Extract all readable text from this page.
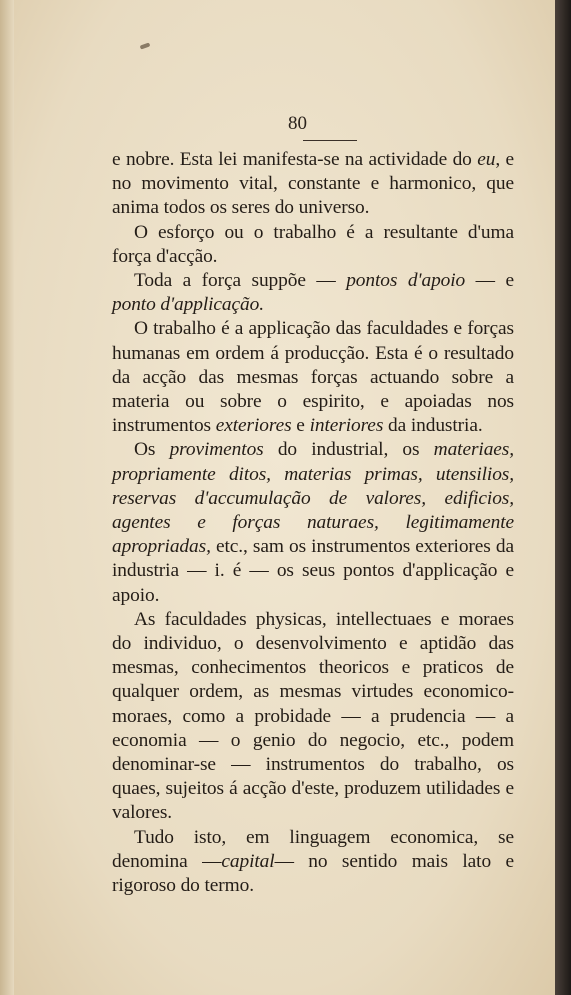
80

e nobre. Esta lei manifesta-se na actividade do eu, e no movimento vital, constante e harmonico, que anima todos os seres do universo.

O esforço ou o trabalho é a resultante d'uma força d'acção.

Toda a força suppõe — pontos d'apoio — e ponto d'applicação.

O trabalho é a applicação das faculdades e forças humanas em ordem á producção. Esta é o resultado da acção das mesmas forças actuando sobre a materia ou sobre o espirito, e apoiadas nos instrumentos exteriores e interiores da industria.

Os provimentos do industrial, os materiaes, propriamente ditos, materias primas, utensilios, reservas d'accumulação de valores, edificios, agentes e forças naturaes, legitimamente apropriadas, etc., sam os instrumentos exteriores da industria — i. é — os seus pontos d'applicação e apoio.

As faculdades physicas, intellectuaes e moraes do individuo, o desenvolvimento e aptidão das mesmas, conhecimentos theoricos e praticos de qualquer ordem, as mesmas virtudes economico-moraes, como a probidade — a prudencia — a economia — o genio do negocio, etc., podem denominar-se — instrumentos do trabalho, os quaes, sujeitos á acção d'este, produzem utilidades e valores.

Tudo isto, em linguagem economica, se denomina —capital— no sentido mais lato e rigoroso do termo.
